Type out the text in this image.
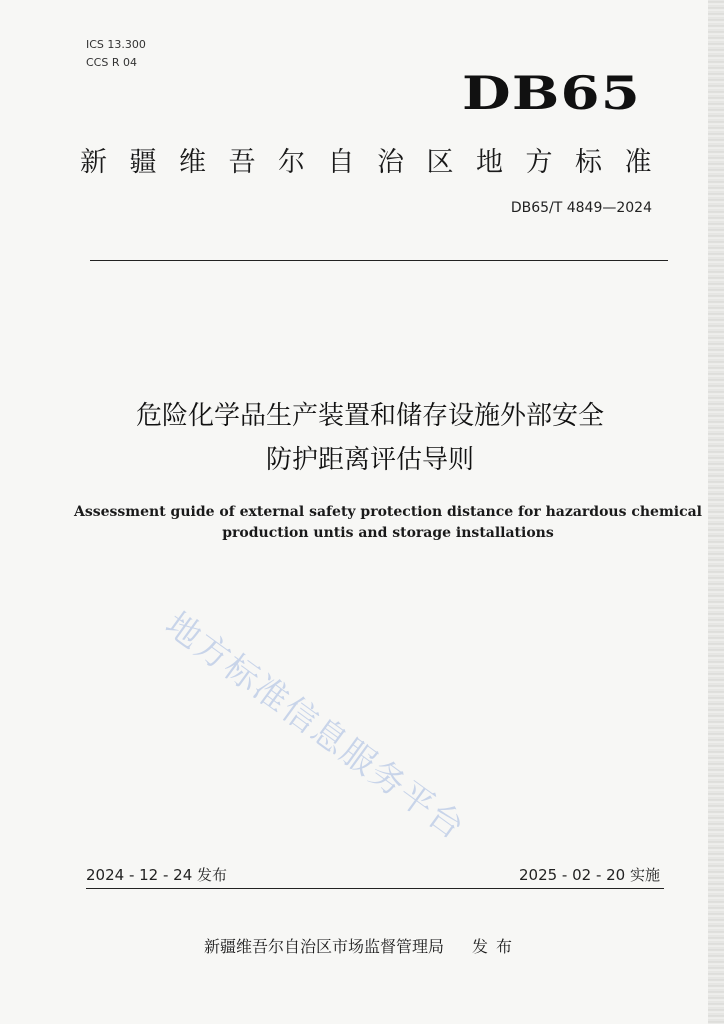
ICS 13.300
CCS R 04
DB65
新疆维吾尔自治区地方标准
DB65/T 4849—2024
危险化学品生产装置和储存设施外部安全
防护距离评估导则
Assessment guide of external safety protection distance for hazardous chemical
production untis and storage installations
地方标准信息服务平台
2024 - 12 - 24 发布	2025 - 02 - 20 实施
新疆维吾尔自治区市场监督管理局 发布
